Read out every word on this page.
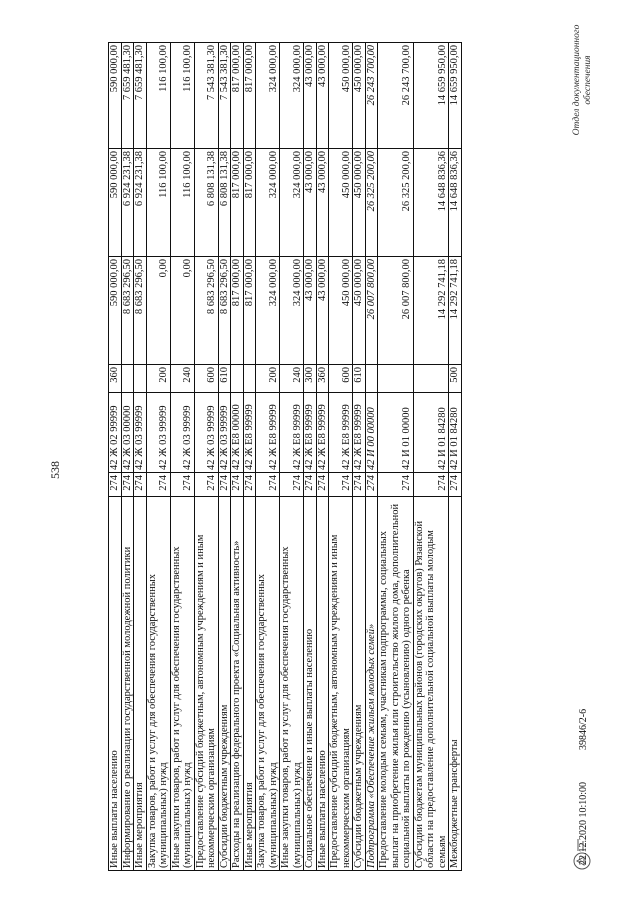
538
Иные выплаты населению	274	42 Ж 02 99999	360	590 000,00	590 000,00	590 000,00
Информирование о реализации государственной молодежной политики	274	42 Ж 03 00000		8 683 296,50	6 924 231,38	7 659 481,30
Иные мероприятия	274	42 Ж 03 99999		8 683 296,50	6 924 231,38	7 659 481,30
Закупка товаров, работ и услуг для обеспечения государственных (муниципальных) нужд	274	42 Ж 03 99999	200	0,00	116 100,00	116 100,00
Иные закупки товаров, работ и услуг для обеспечения государственных (муниципальных) нужд	274	42 Ж 03 99999	240	0,00	116 100,00	116 100,00
Предоставление субсидий бюджетным, автономным учреждениям и иным некоммерческим организациям	274	42 Ж 03 99999	600	8 683 296,50	6 808 131,38	7 543 381,30
Субсидии бюджетным учреждениям	274	42 Ж 03 99999	610	8 683 296,50	6 808 131,38	7 543 381,30
Расходы на реализацию федерального проекта «Социальная активность»	274	42 Ж E8 00000		817 000,00	817 000,00	817 000,00
Иные мероприятия	274	42 Ж E8 99999		817 000,00	817 000,00	817 000,00
Закупка товаров, работ и услуг для обеспечения государственных (муниципальных) нужд	274	42 Ж E8 99999	200	324 000,00	324 000,00	324 000,00
Иные закупки товаров, работ и услуг для обеспечения государственных (муниципальных) нужд	274	42 Ж E8 99999	240	324 000,00	324 000,00	324 000,00
Социальное обеспечение и иные выплаты населению	274	42 Ж E8 99999	300	43 000,00	43 000,00	43 000,00
Иные выплаты населению	274	42 Ж E8 99999	360	43 000,00	43 000,00	43 000,00
Предоставление субсидий бюджетным, автономным учреждениям и иным некоммерческим организациям	274	42 Ж E8 99999	600	450 000,00	450 000,00	450 000,00
Субсидии бюджетным учреждениям	274	42 Ж E8 99999	610	450 000,00	450 000,00	450 000,00
Подпрограмма «Обеспечение жильем молодых семей»	274	42 И 00 00000		26 007 800,00	26 325 200,00	26 243 700,00
Предоставление молодым семьям, участникам подпрограммы, социальных выплат на приобретение жилья или строительство жилого дома, дополнительной социальной выплаты по рождению (усыновлению) одного ребенка	274	42 И 01 00000		26 007 800,00	26 325 200,00	26 243 700,00
Субсидии бюджетам муниципальных районов (городских округов) Рязанской области на предоставление дополнительной социальной выплаты молодым семьям	274	42 И 01 84280		14 292 741,18	14 648 836,36	14 659 950,00
Межбюджетные трансферты	274	42 И 01 84280	500	14 292 741,18	14 648 836,36	14 659 950,00
22.12.2020 10:10:00
39846/2-6
Отдел документационного обеспечения
